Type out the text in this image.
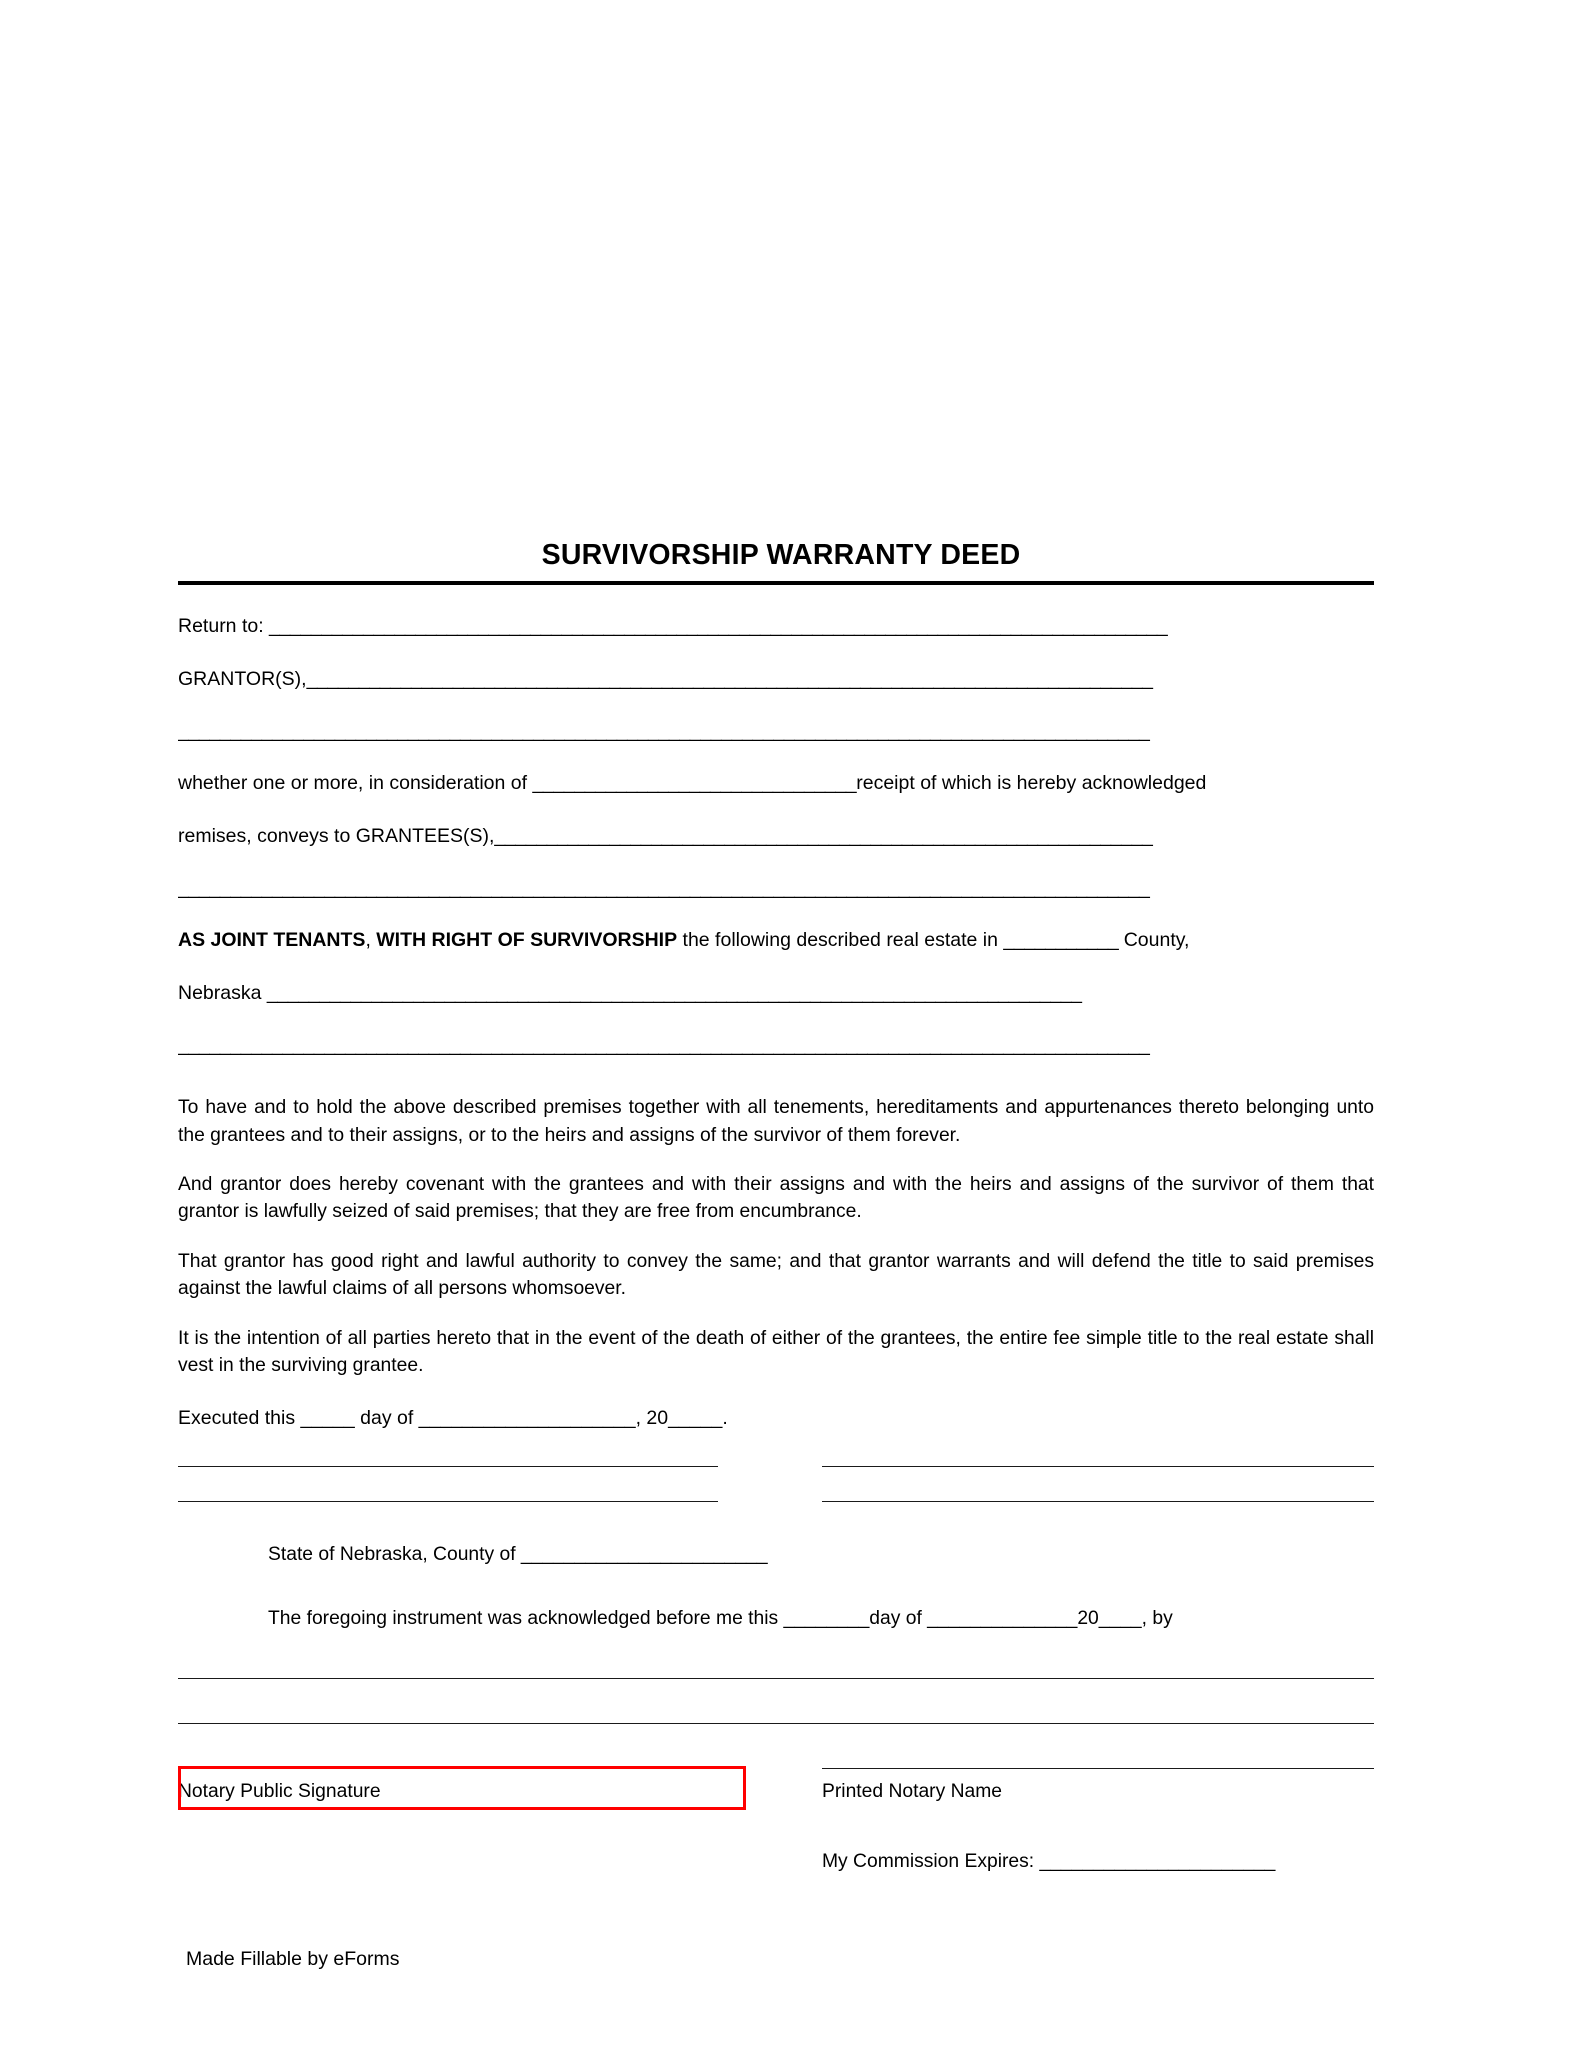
SURVIVORSHIP WARRANTY DEED
Return to: ______________________________________________________________________________________
GRANTOR(S),_________________________________________________________________________________
_____________________________________________________________________________________________
whether one or more, in consideration of _______________________________receipt of which is hereby acknowledged
remises, conveys to GRANTEES(S),_______________________________________________________________
_____________________________________________________________________________________________
AS JOINT TENANTS, WITH RIGHT OF SURVIVORSHIP the following described real estate in ___________ County,
Nebraska ______________________________________________________________________________
_____________________________________________________________________________________________

To have and to hold the above described premises together with all tenements, hereditaments and appurtenances thereto belonging unto the grantees and to their assigns, or to the heirs and assigns of the survivor of them forever.

And grantor does hereby covenant with the grantees and with their assigns and with the heirs and assigns of the survivor of them that grantor is lawfully seized of said premises; that they are free from encumbrance.

That grantor has good right and lawful authority to convey the same; and that grantor warrants and will defend the title to said premises against the lawful claims of all persons whomsoever.

It is the intention of all parties hereto that in the event of the death of either of the grantees, the entire fee simple title to the real estate shall vest in the surviving grantee.

Executed this _____ day of ____________________, 20_____.
State of Nebraska, County of _______________________
The foregoing instrument was acknowledged before me this ________day of ______________20____, by
Notary Public Signature	Printed Notary Name
My Commission Expires: ______________________
Made Fillable by eForms
